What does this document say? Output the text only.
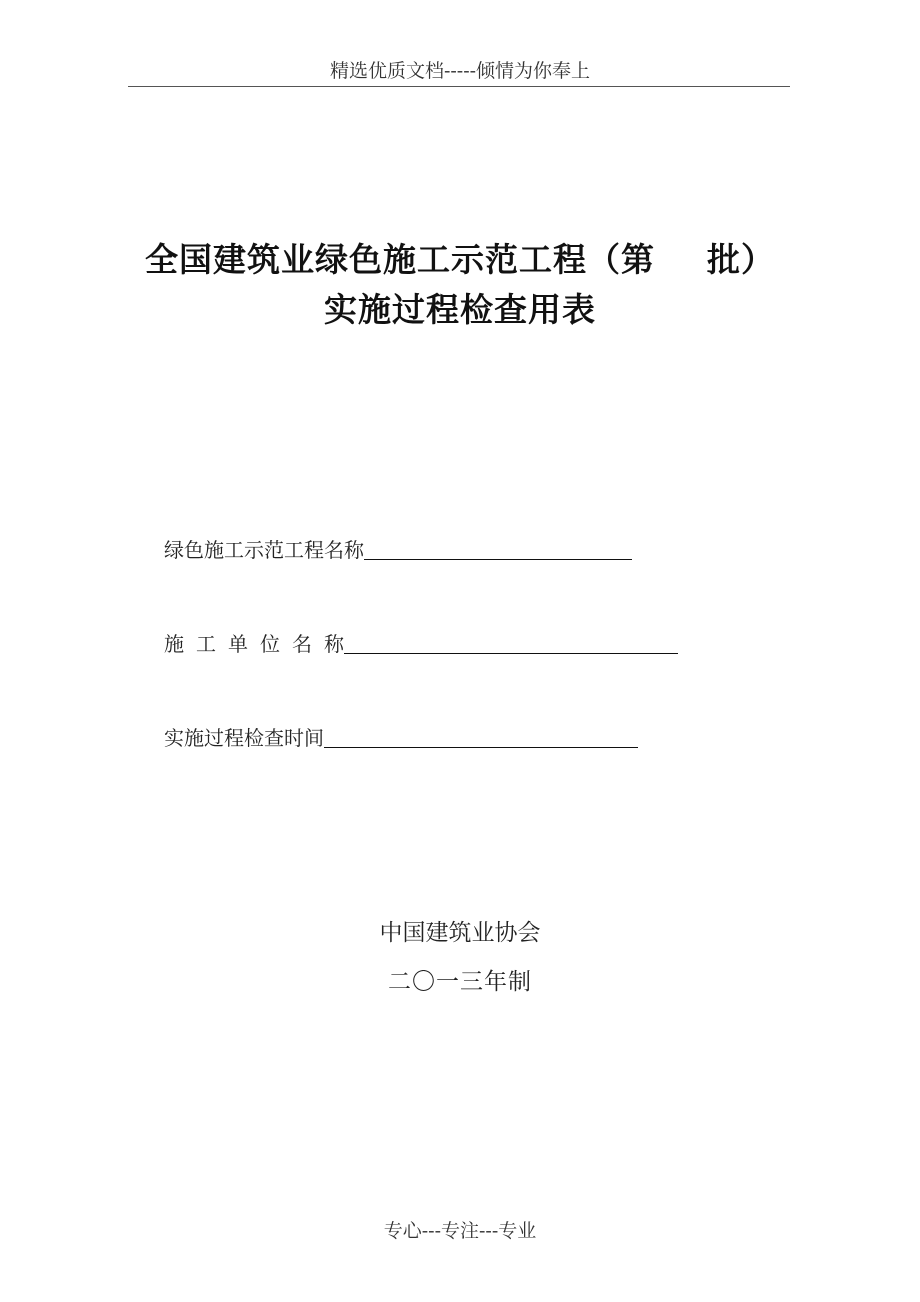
精选优质文档-----倾情为你奉上
全国建筑业绿色施工示范工程（第 批）
实施过程检查用表
绿色施工示范工程名称
施工单位名称
实施过程检查时间
中国建筑业协会
二〇一三年制
专心---专注---专业
